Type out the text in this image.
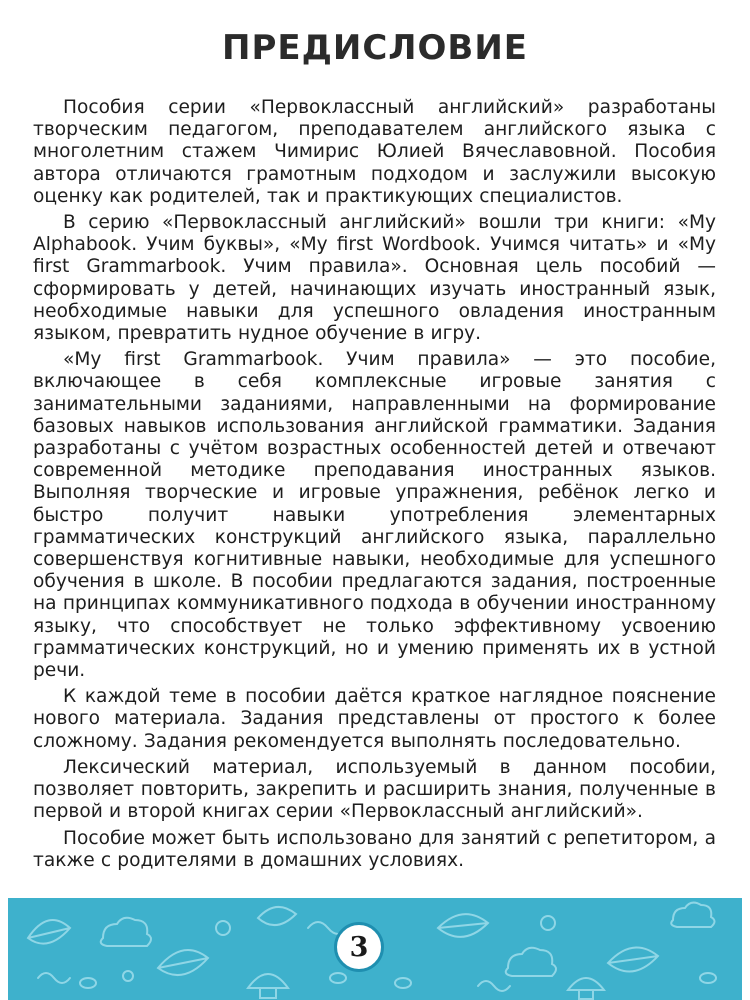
ПРЕДИСЛОВИЕ

Пособия серии «Первоклассный английский» разработаны творческим педагогом, преподавателем английского языка с многолетним стажем Чимирис Юлией Вячеславовной. Пособия автора отличаются грамотным подходом и заслужили высокую оценку как родителей, так и практикующих специалистов.

В серию «Первоклассный английский» вошли три книги: «My Alphabook. Учим буквы», «My first Wordbook. Учимся читать» и «My first Grammarbook. Учим правила». Основная цель пособий — сформировать у детей, начинающих изучать иностранный язык, необходимые навыки для успешного овладения иностранным языком, превратить нудное обучение в игру.

«My first Grammarbook. Учим правила» — это пособие, включающее в себя комплексные игровые занятия с занимательными заданиями, направленными на формирование базовых навыков использования английской грамматики. Задания разработаны с учётом возрастных особенностей детей и отвечают современной методике преподавания иностранных языков. Выполняя творческие и игровые упражнения, ребёнок легко и быстро получит навыки употребления элементарных грамматических конструкций английского языка, параллельно совершенствуя когнитивные навыки, необходимые для успешного обучения в школе. В пособии предлагаются задания, построенные на принципах коммуникативного подхода в обучении иностранному языку, что способствует не только эффективному усвоению грамматических конструкций, но и умению применять их в устной речи.

К каждой теме в пособии даётся краткое наглядное пояснение нового материала. Задания представлены от простого к более сложному. Задания рекомендуется выполнять последовательно.

Лексический материал, используемый в данном пособии, позволяет повторить, закрепить и расширить знания, полученные в первой и второй книгах серии «Первоклассный английский».

Пособие может быть использовано для занятий с репетитором, а также с родителями в домашних условиях.

3
